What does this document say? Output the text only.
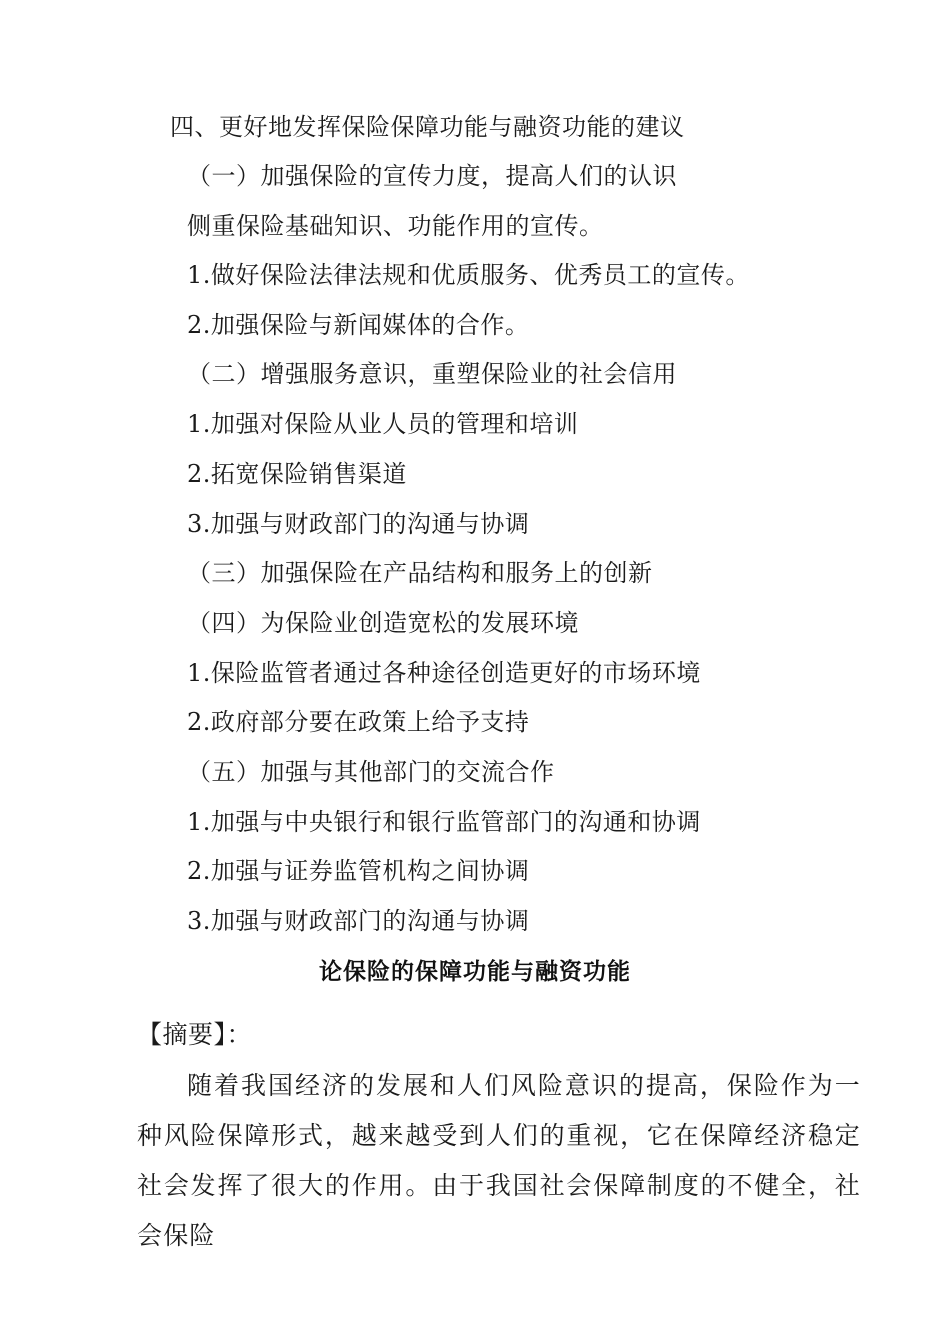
四、更好地发挥保险保障功能与融资功能的建议
（一）加强保险的宣传力度，提高人们的认识
侧重保险基础知识、功能作用的宣传。
1.做好保险法律法规和优质服务、优秀员工的宣传。
2.加强保险与新闻媒体的合作。
（二）增强服务意识，重塑保险业的社会信用
1.加强对保险从业人员的管理和培训
2.拓宽保险销售渠道
3.加强与财政部门的沟通与协调
（三）加强保险在产品结构和服务上的创新
（四）为保险业创造宽松的发展环境
1.保险监管者通过各种途径创造更好的市场环境
2.政府部分要在政策上给予支持
（五）加强与其他部门的交流合作
1.加强与中央银行和银行监管部门的沟通和协调
2.加强与证券监管机构之间协调
3.加强与财政部门的沟通与协调
论保险的保障功能与融资功能
【摘要】：
随着我国经济的发展和人们风险意识的提高，保险作为一种风险保障形式，越来越受到人们的重视，它在保障经济稳定社会发挥了很大的作用。由于我国社会保障制度的不健全，社会保险
